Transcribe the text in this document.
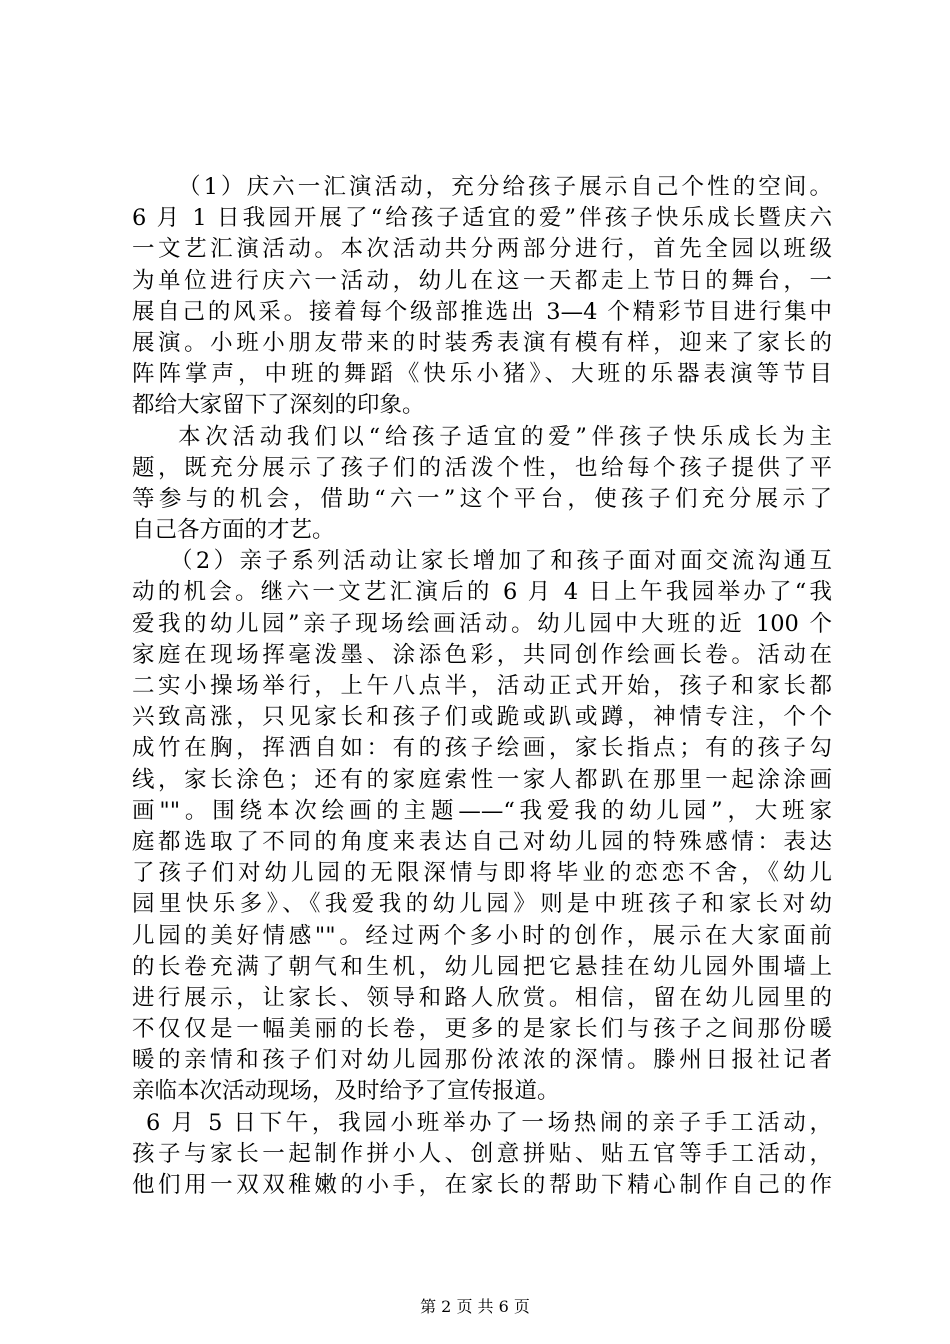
（1）庆六一汇演活动，充分给孩子展示自己个性的空间。
6 月 1 日我园开展了“给孩子适宜的爱”伴孩子快乐成长暨庆六
一文艺汇演活动。本次活动共分两部分进行，首先全园以班级
为单位进行庆六一活动，幼儿在这一天都走上节日的舞台，一
展自己的风采。接着每个级部推选出 3—4 个精彩节目进行集中
展演。小班小朋友带来的时装秀表演有模有样，迎来了家长的
阵阵掌声，中班的舞蹈《快乐小猪》、大班的乐器表演等节目
都给大家留下了深刻的印象。
本次活动我们以“给孩子适宜的爱”伴孩子快乐成长为主
题，既充分展示了孩子们的活泼个性，也给每个孩子提供了平
等参与的机会，借助“六一”这个平台，使孩子们充分展示了
自己各方面的才艺。
（2）亲子系列活动让家长增加了和孩子面对面交流沟通互
动的机会。继六一文艺汇演后的 6 月 4 日上午我园举办了“我
爱我的幼儿园”亲子现场绘画活动。幼儿园中大班的近 100 个
家庭在现场挥毫泼墨、涂添色彩，共同创作绘画长卷。活动在
二实小操场举行，上午八点半，活动正式开始，孩子和家长都
兴致高涨，只见家长和孩子们或跪或趴或蹲，神情专注，个个
成竹在胸，挥洒自如：有的孩子绘画，家长指点；有的孩子勾
线，家长涂色；还有的家庭索性一家人都趴在那里一起涂涂画
画""。围绕本次绘画的主题——“我爱我的幼儿园”，大班家
庭都选取了不同的角度来表达自己对幼儿园的特殊感情：表达
了孩子们对幼儿园的无限深情与即将毕业的恋恋不舍，《幼儿
园里快乐多》、《我爱我的幼儿园》则是中班孩子和家长对幼
儿园的美好情感""。经过两个多小时的创作，展示在大家面前
的长卷充满了朝气和生机，幼儿园把它悬挂在幼儿园外围墙上
进行展示，让家长、领导和路人欣赏。相信，留在幼儿园里的
不仅仅是一幅美丽的长卷，更多的是家长们与孩子之间那份暖
暖的亲情和孩子们对幼儿园那份浓浓的深情。滕州日报社记者
亲临本次活动现场，及时给予了宣传报道。
6 月 5 日下午，我园小班举办了一场热闹的亲子手工活动，
孩子与家长一起制作拼小人、创意拼贴、贴五官等手工活动，
他们用一双双稚嫩的小手，在家长的帮助下精心制作自己的作
第 2 页 共 6 页
